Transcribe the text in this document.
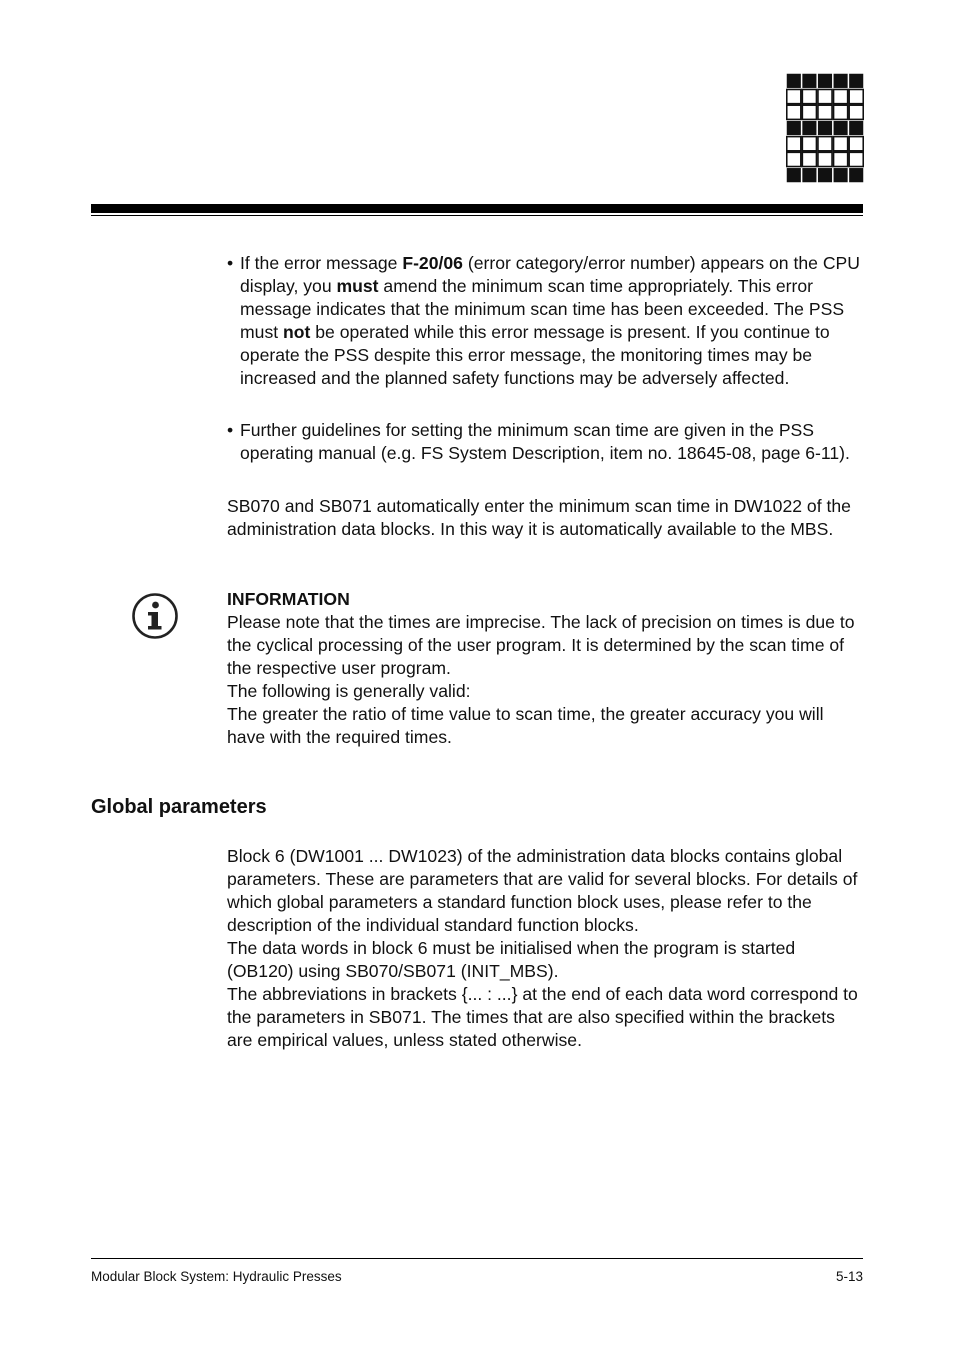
• If the error message F-20/06 (error category/error number) appears on the CPU display, you must amend the minimum scan time appropriately. This error message indicates that the minimum scan time has been exceeded. The PSS must not be operated while this error message is present. If you continue to operate the PSS despite this error message, the monitoring times may be increased and the planned safety functions may be adversely affected.

• Further guidelines for setting the minimum scan time are given in the PSS operating manual (e.g. FS System Description, item no. 18645-08, page 6-11).

SB070 and SB071 automatically enter the minimum scan time in DW1022 of the administration data blocks. In this way it is automatically available to the MBS.

INFORMATION

Please note that the times are imprecise. The lack of precision on times is due to the cyclical processing of the user program. It is determined by the scan time of the respective user program.

The following is generally valid:

The greater the ratio of time value to scan time, the greater accuracy you will have with the required times.

Global parameters

Block 6 (DW1001 ... DW1023) of the administration data blocks contains global parameters. These are parameters that are valid for several blocks. For details of which global parameters a standard function block uses, please refer to the description of the individual standard function blocks.

The data words in block 6 must be initialised when the program is started (OB120) using SB070/SB071 (INIT_MBS).

The abbreviations in brackets {... : ...} at the end of each data word correspond to the parameters in SB071. The times that are also specified within the brackets are empirical values, unless stated otherwise.

Modular Block System: Hydraulic Presses	5-13
